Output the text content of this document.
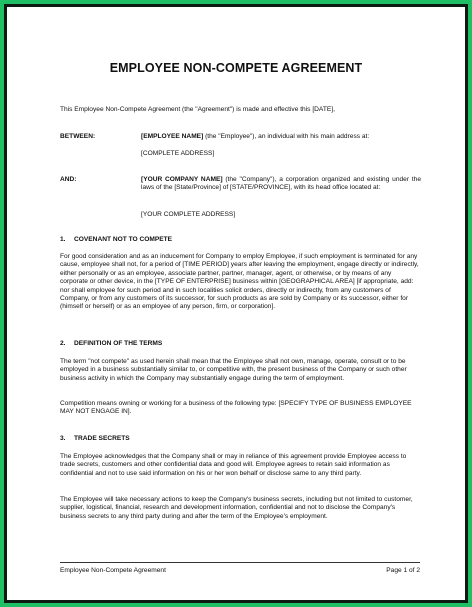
EMPLOYEE NON-COMPETE AGREEMENT
This Employee Non-Compete Agreement (the "Agreement") is made and effective this [DATE],
BETWEEN:	[EMPLOYEE NAME] (the "Employee"), an individual with his main address at:
[COMPLETE ADDRESS]
AND:	[YOUR COMPANY NAME] (the "Company"), a corporation organized and existing under the laws of the [State/Province] of [STATE/PROVINCE], with its head office located at:
[YOUR COMPLETE ADDRESS]
1. COVENANT NOT TO COMPETE
For good consideration and as an inducement for Company to employ Employee, if such employment is terminated for any cause, employee shall not, for a period of [TIME PERIOD] years after leaving the employment, engage directly or indirectly, either personally or as an employee, associate partner, partner, manager, agent, or otherwise, or by means of any corporate or other device, in the [TYPE OF ENTERPRISE] business within [GEOGRAPHICAL AREA] [if appropriate, add: nor shall employee for such period and in such localities solicit orders, directly or indirectly, from any customers of Company, or from any customers of its successor, for such products as are sold by Company or its successor, either for (himself or herself) or as an employee of any person, firm, or corporation].
2. DEFINITION OF THE TERMS
The term "not compete" as used herein shall mean that the Employee shall not own, manage, operate, consult or to be employed in a business substantially similar to, or competitive with, the present business of the Company or such other business activity in which the Company may substantially engage during the term of employment.
Competition means owning or working for a business of the following type: [SPECIFY TYPE OF BUSINESS EMPLOYEE MAY NOT ENGAGE IN].
3. TRADE SECRETS
The Employee acknowledges that the Company shall or may in reliance of this agreement provide Employee access to trade secrets, customers and other confidential data and good will. Employee agrees to retain said information as confidential and not to use said information on his or her won behalf or disclose same to any third party.
The Employee will take necessary actions to keep the Company's business secrets, including but not limited to customer, supplier, logistical, financial, research and development information, confidential and not to disclose the Company's business secrets to any third party during and after the term of the Employee's employment.
Employee Non-Compete Agreement	Page 1 of 2
